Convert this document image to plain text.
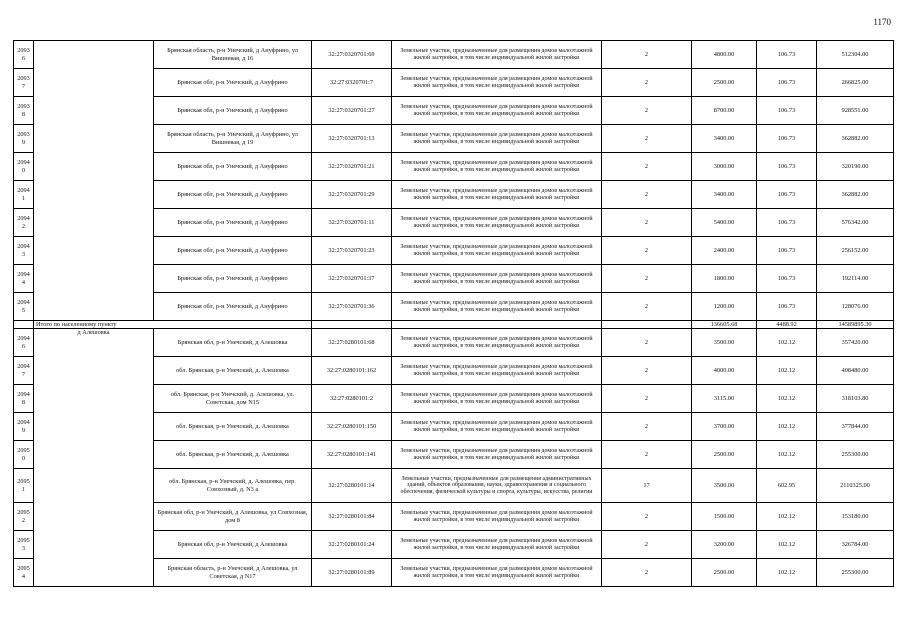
1170
20936		Брянская область, р-н Унечский, д Ануфрино, ул Вишневая, д 16	32:27:0320701:69	Земельные участки, предназначенные для размещения домов малоэтажной жилой застройки, в том числе индивидуальной жилой застройки	2	4800.00	106.73	512304.00
20937		Брянская обл, р-н Унечский, д Ануфрино	32:27:0320701:7	Земельные участки, предназначенные для размещения домов малоэтажной жилой застройки, в том числе индивидуальной жилой застройки	2	2500.00	106.73	266825.00
20938		Брянская обл, р-н Унечский, д Ануфрино	32:27:0320701:27	Земельные участки, предназначенные для размещения домов малоэтажной жилой застройки, в том числе индивидуальной жилой застройки	2	8700.00	106.73	928551.00
20939		Брянская область, р-н Унечский, д Ануфрино, ул Вишневая, д 19	32:27:0320701:13	Земельные участки, предназначенные для размещения домов малоэтажной жилой застройки, в том числе индивидуальной жилой застройки	2	3400.00	106.73	362882.00
20940		Брянская обл, р-н Унечский, д Ануфрино	32:27:0320701:21	Земельные участки, предназначенные для размещения домов малоэтажной жилой застройки, в том числе индивидуальной жилой застройки	2	3000.00	106.73	320190.00
20941		Брянская обл, р-н Унечский, д Ануфрино	32:27:0320701:29	Земельные участки, предназначенные для размещения домов малоэтажной жилой застройки, в том числе индивидуальной жилой застройки	2	3400.00	106.73	362882.00
20942		Брянская обл, р-н Унечский, д Ануфрино	32:27:0320701:11	Земельные участки, предназначенные для размещения домов малоэтажной жилой застройки, в том числе индивидуальной жилой застройки	2	5400.00	106.73	576342.00
20943		Брянская обл, р-н Унечский, д Ануфрино	32:27:0320701:23	Земельные участки, предназначенные для размещения домов малоэтажной жилой застройки, в том числе индивидуальной жилой застройки	2	2400.00	106.73	256152.00
20944		Брянская обл, р-н Унечский, д Ануфрино	32:27:0320701:37	Земельные участки, предназначенные для размещения домов малоэтажной жилой застройки, в том числе индивидуальной жилой застройки	2	1800.00	106.73	192114.00
20945		Брянская обл, р-н Унечский, д Ануфрино	32:27:0320701:36	Земельные участки, предназначенные для размещения домов малоэтажной жилой застройки, в том числе индивидуальной жилой застройки	2	1200.00	106.73	128076.00
	Итого по населенному пункту					136605.68	4488.92	14589895.30
20946	д Алешовка	Брянская обл, р-н Унечский, д Алешовка	32:27:0280101:68	Земельные участки, предназначенные для размещения домов малоэтажной жилой застройки, в том числе индивидуальной жилой застройки	2	3500.00	102.12	357420.00
20947		обл. Брянская, р-н Унечский, д. Алешовка	32:27:0280101:162	Земельные участки, предназначенные для размещения домов малоэтажной жилой застройки, в том числе индивидуальной жилой застройки	2	4000.00	102.12	408480.00
20948		обл. Брянская, р-н Унечский, д. Алешовка, ул. Советская, дом N15	32:27:0280101:2	Земельные участки, предназначенные для размещения домов малоэтажной жилой застройки, в том числе индивидуальной жилой застройки	2	3115.00	102.12	318103.80
20949		обл. Брянская, р-н Унечский, д. Алешовка	32:27:0280101:150	Земельные участки, предназначенные для размещения домов малоэтажной жилой застройки, в том числе индивидуальной жилой застройки	2	3700.00	102.12	377844.00
20950		обл. Брянская, р-н Унечский, д. Алешовка	32:27:0280101:141	Земельные участки, предназначенные для размещения домов малоэтажной жилой застройки, в том числе индивидуальной жилой застройки	2	2500.00	102.12	255300.00
20951		обл. Брянская, р-н Унечский, д. Алешовка, пер. Совхозный, д. N3 а	32:27:0280101:14	Земельные участки, предназначенные для размещения административных зданий, объектов образования, науки, здравоохранения и социального обеспечения, физической культуры и спорта, культуры, искусства, религии	17	3500.00	602.95	2110325.00
20952		Брянская обл, р-н Унечский, д Алешовка, ул Совхозная, дом 8	32:27:0280101:84	Земельные участки, предназначенные для размещения домов малоэтажной жилой застройки, в том числе индивидуальной жилой застройки	2	1500.00	102.12	153180.00
20953		Брянская обл, р-н Унечский, д Алешовка	32:27:0280101:24	Земельные участки, предназначенные для размещения домов малоэтажной жилой застройки, в том числе индивидуальной жилой застройки	2	3200.00	102.12	326784.00
20954		Брянская область, р-н Унечский, д Алешовка, ул Советская, д N17	32:27:0280101:89	Земельные участки, предназначенные для размещения домов малоэтажной жилой застройки, в том числе индивидуальной жилой застройки	2	2500.00	102.12	255300.00
